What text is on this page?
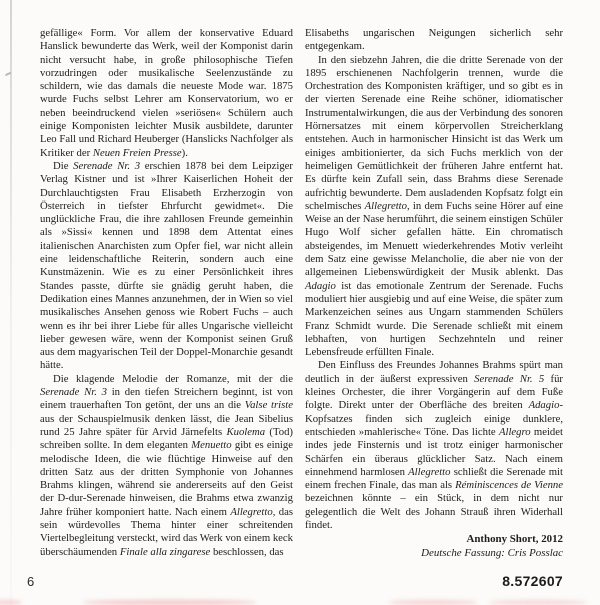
gefällige« Form. Vor allem der konservative Eduard Hanslick bewunderte das Werk, weil der Komponist darin nicht versucht habe, in große philosophische Tiefen vorzudringen oder musikalische Seelenzustände zu schildern, wie das damals die neueste Mode war. 1875 wurde Fuchs selbst Lehrer am Konservatorium, wo er neben beeindruckend vielen »seriösen« Schülern auch einige Komponisten leichter Musik ausbildete, darunter Leo Fall und Richard Heuberger (Hanslicks Nachfolger als Kritiker der Neuen Freien Presse).

Die Serenade Nr. 3 erschien 1878 bei dem Leipziger Verlag Kistner und ist »Ihrer Kaiserlichen Hoheit der Durchlauchtigsten Frau Elisabeth Erzherzogin von Österreich in tiefster Ehrfurcht gewidmet«. Die unglückliche Frau, die ihre zahllosen Freunde gemeinhin als »Sissi« kennen und 1898 dem Attentat eines italienischen Anarchisten zum Opfer fiel, war nicht allein eine leidenschaftliche Reiterin, sondern auch eine Kunstmäzenin. Wie es zu einer Persönlichkeit ihres Standes passte, dürfte sie gnädig geruht haben, die Dedikation eines Mannes anzunehmen, der in Wien so viel musikalisches Ansehen genoss wie Robert Fuchs – auch wenn es ihr bei ihrer Liebe für alles Ungarische vielleicht lieber gewesen wäre, wenn der Komponist seinen Gruß aus dem magyarischen Teil der Doppel-Monarchie gesandt hätte.

Die klagende Melodie der Romanze, mit der die Serenade Nr. 3 in den tiefen Streichern beginnt, ist von einem trauerhaften Ton getönt, der uns an die Valse triste aus der Schauspielmusik denken lässt, die Jean Sibelius rund 25 Jahre später für Arvid Järnefelts Kuolema (Tod) schreiben sollte. In dem eleganten Menuetto gibt es einige melodische Ideen, die wie flüchtige Hinweise auf den dritten Satz aus der dritten Symphonie von Johannes Brahms klingen, während sie andererseits auf den Geist der D-dur-Serenade hinweisen, die Brahms etwa zwanzig Jahre früher komponiert hatte. Nach einem Allegretto, das sein würdevolles Thema hinter einer schreitenden Viertelbegleitung versteckt, wird das Werk von einem keck überschäumenden Finale alla zingarese beschlossen, das

Elisabeths ungarischen Neigungen sicherlich sehr entgegenkam.

In den siebzehn Jahren, die die dritte Serenade von der 1895 erschienenen Nachfolgerin trennen, wurde die Orchestration des Komponisten kräftiger, und so gibt es in der vierten Serenade eine Reihe schöner, idiomatischer Instrumentalwirkungen, die aus der Verbindung des sonoren Hörnersatzes mit einem körpervollen Streicherklang entstehen. Auch in harmonischer Hinsicht ist das Werk um einiges ambitionierter, da sich Fuchs merklich von der heimeligen Gemütlichkeit der früheren Jahre entfernt hat. Es dürfte kein Zufall sein, dass Brahms diese Serenade aufrichtig bewunderte. Dem ausladenden Kopfsatz folgt ein schelmisches Allegretto, in dem Fuchs seine Hörer auf eine Weise an der Nase herumführt, die seinem einstigen Schüler Hugo Wolf sicher gefallen hätte. Ein chromatisch absteigendes, im Menuett wiederkehrendes Motiv verleiht dem Satz eine gewisse Melancholie, die aber nie von der allgemeinen Liebenswürdigkeit der Musik ablenkt. Das Adagio ist das emotionale Zentrum der Serenade. Fuchs moduliert hier ausgiebig und auf eine Weise, die später zum Markenzeichen seines aus Ungarn stammenden Schülers Franz Schmidt wurde. Die Serenade schließt mit einem lebhaften, von hurtigen Sechzehnteln und reiner Lebensfreude erfüllten Finale.

Den Einfluss des Freundes Johannes Brahms spürt man deutlich in der äußerst expressiven Serenade Nr. 5 für kleines Orchester, die ihrer Vorgängerin auf dem Fuße folgte. Direkt unter der Oberfläche des breiten Adagio-Kopfsatzes finden sich zugleich einige dunklere, entschieden »mahlerische« Töne. Das lichte Allegro meidet indes jede Finsternis und ist trotz einiger harmonischer Schärfen ein überaus glücklicher Satz. Nach einem einnehmend harmlosen Allegretto schließt die Serenade mit einem frechen Finale, das man als Réminiscences de Vienne bezeichnen könnte – ein Stück, in dem nicht nur gelegentlich die Welt des Johann Strauß ihren Widerhall findet.

Anthony Short, 2012
Deutsche Fassung: Cris Posslac
6	8.572607
